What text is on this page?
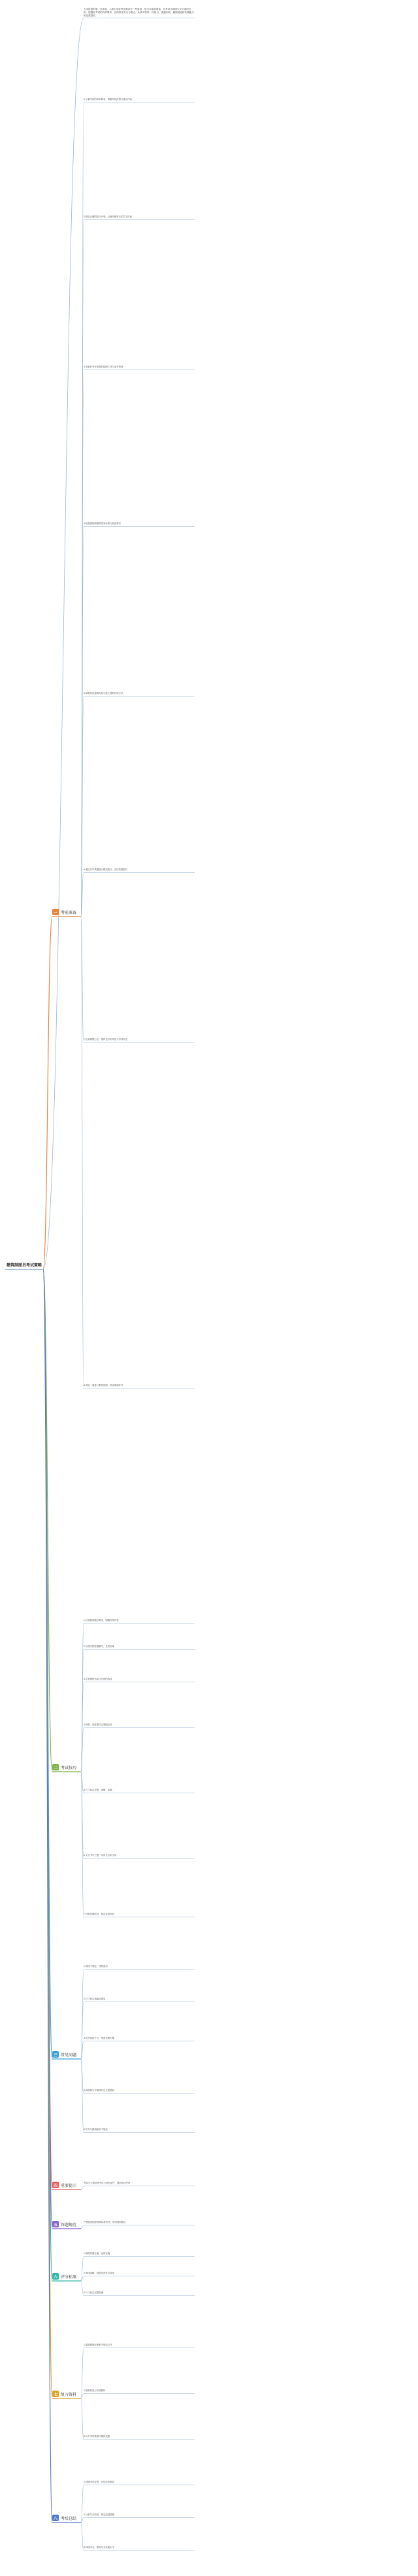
建筑制图员考试策略
大学阶段的第一次体验，1.我们对待考试要求有一些原则，复习与提前准备，对考试大纲进行全方面的分析，把握住考试的具体要求，总结常见考点与难点，认真对待每一次练习，查漏补缺，确保理论和实践能力的双重提升。
一 考前准备
1.了解考试的基本要求，明确考试范围与重点内容
2.制定合理的复习计划，合理分配每天的学习时间
3.准备好考试所需的绘图工具与参考资料
4.熟悉建筑制图的国家标准与规范要求
5.掌握常用建筑构造与施工图的识读方法
6.通过历年真题进行模拟练习，总结答题技巧
7.注意调整心态，保持良好的作息与身体状态
8.考前一周进行系统回顾，巩固薄弱环节
二 考试技巧
1.仔细阅读题目要求，明确作图内容
2.合理安排答题顺序，先易后难
3.注意图纸布局与比例的选择
4.线型、线宽要符合制图标准
5.尺寸标注完整、清晰、准确
6.文字书写工整，采用长仿宋字体
7.控制答题时间，留出检查时间
三 常见问题
1.图线不规范，线型混用
2.尺寸标注遗漏或重复
3.比例选择不当，图面布置失衡
4.剖面图与平面图对应关系错误
5.符号与图例使用不规范
四 重要提示
考试当天携带准考证与身份证件，提前到达考场
五 答题规范
严格按照国家制图标准作图，保持图面整洁
六 评分标准
1.图面布置合理，比例正确
2.图线清晰，线型线宽符合规范
3.尺寸标注完整准确
七 复习资料
1.建筑制图标准相关规范文件
2.建筑构造与识图教材
3.历年考试真题与模拟试题
八 考后总结
1.回顾考试过程，总结经验教训
2.分析失分原因，制定改进措施
3.持续学习，提高专业技能水平
